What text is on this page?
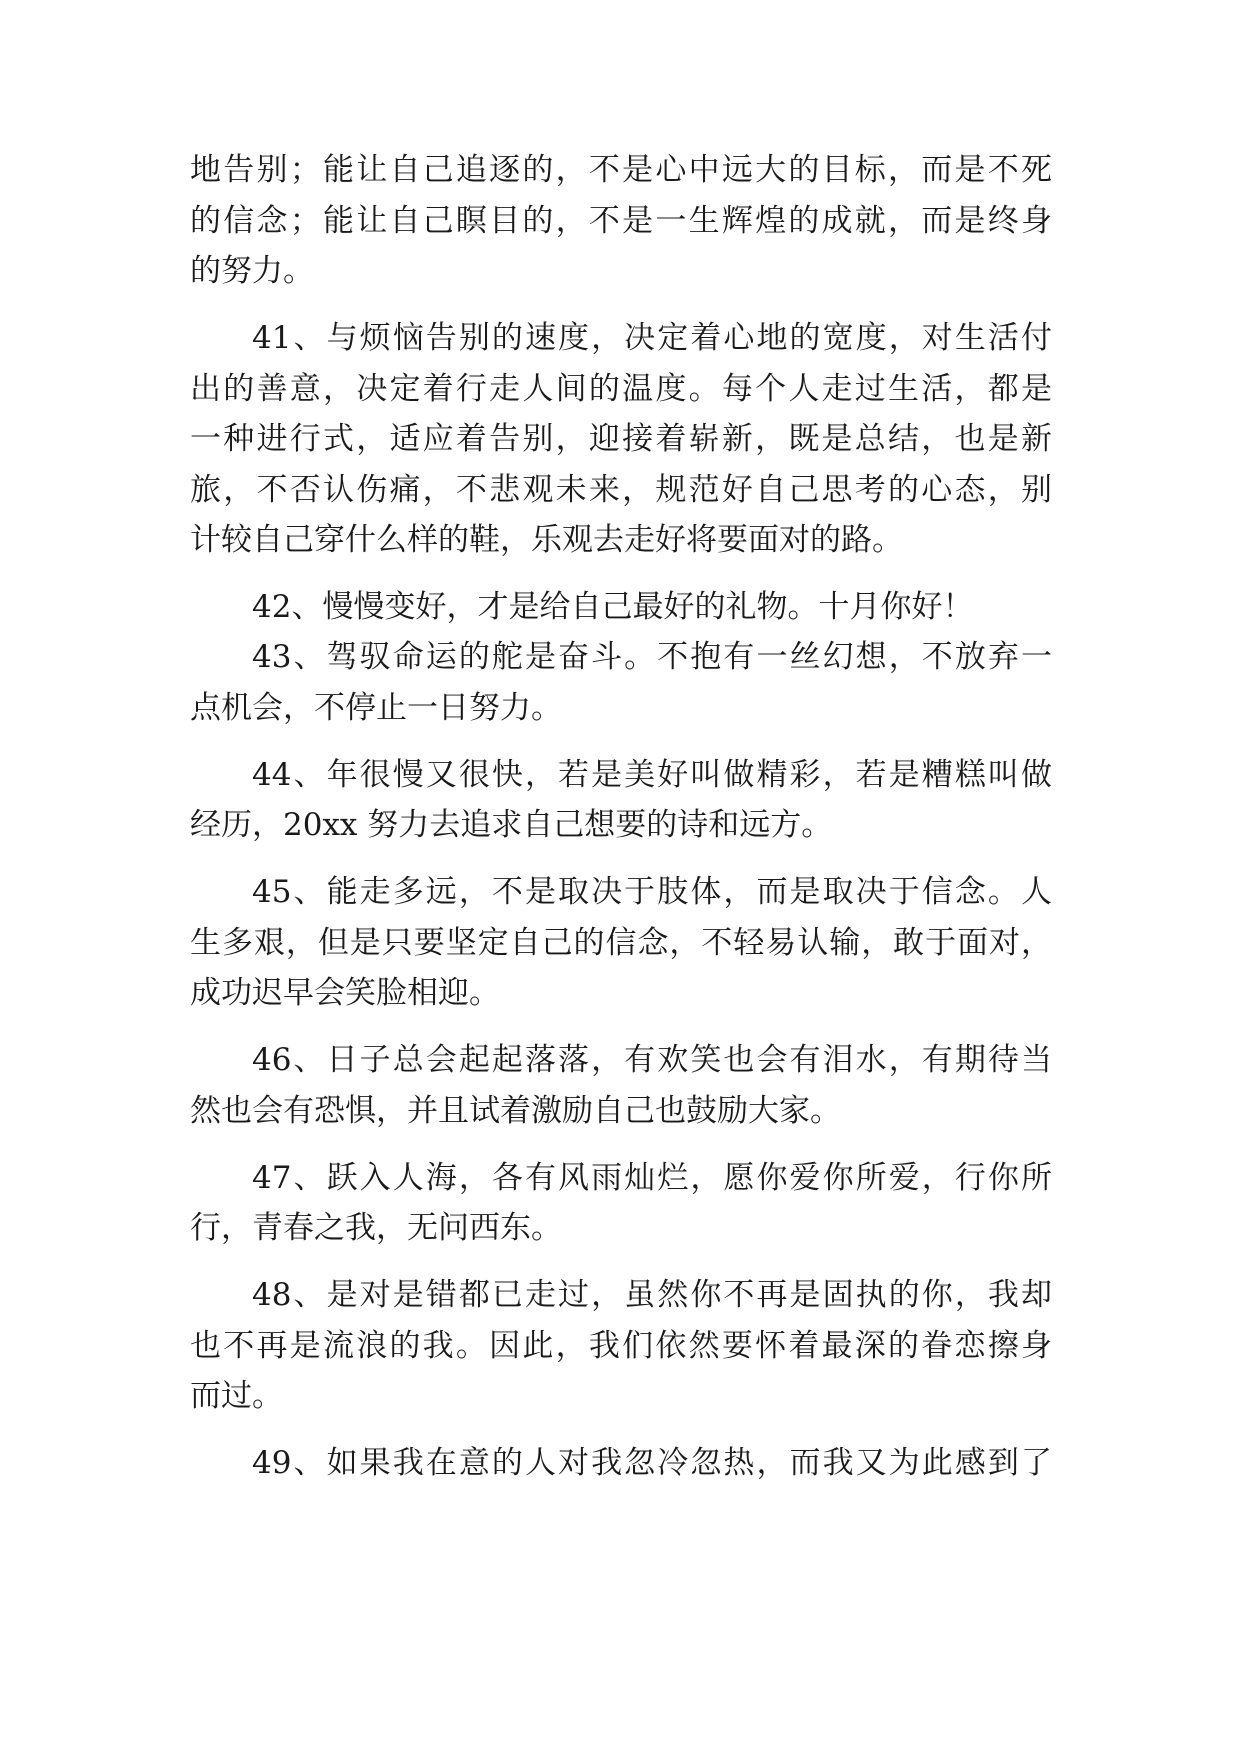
地告别；能让自己追逐的，不是心中远大的目标，而是不死
的信念；能让自己瞑目的，不是一生辉煌的成就，而是终身
的努力。
41、与烦恼告别的速度，决定着心地的宽度，对生活付
出的善意，决定着行走人间的温度。每个人走过生活，都是
一种进行式，适应着告别，迎接着崭新，既是总结，也是新
旅，不否认伤痛，不悲观未来，规范好自己思考的心态，别
计较自己穿什么样的鞋，乐观去走好将要面对的路。
42、慢慢变好，才是给自己最好的礼物。十月你好！
43、驾驭命运的舵是奋斗。不抱有一丝幻想，不放弃一
点机会，不停止一日努力。
44、年很慢又很快，若是美好叫做精彩，若是糟糕叫做
经历，20xx 努力去追求自己想要的诗和远方。
45、能走多远，不是取决于肢体，而是取决于信念。人
生多艰，但是只要坚定自己的信念，不轻易认输，敢于面对，
成功迟早会笑脸相迎。
46、日子总会起起落落，有欢笑也会有泪水，有期待当
然也会有恐惧，并且试着激励自己也鼓励大家。
47、跃入人海，各有风雨灿烂，愿你爱你所爱，行你所
行，青春之我，无问西东。
48、是对是错都已走过，虽然你不再是固执的你，我却
也不再是流浪的我。因此，我们依然要怀着最深的眷恋擦身
而过。
49、如果我在意的人对我忽冷忽热，而我又为此感到了
